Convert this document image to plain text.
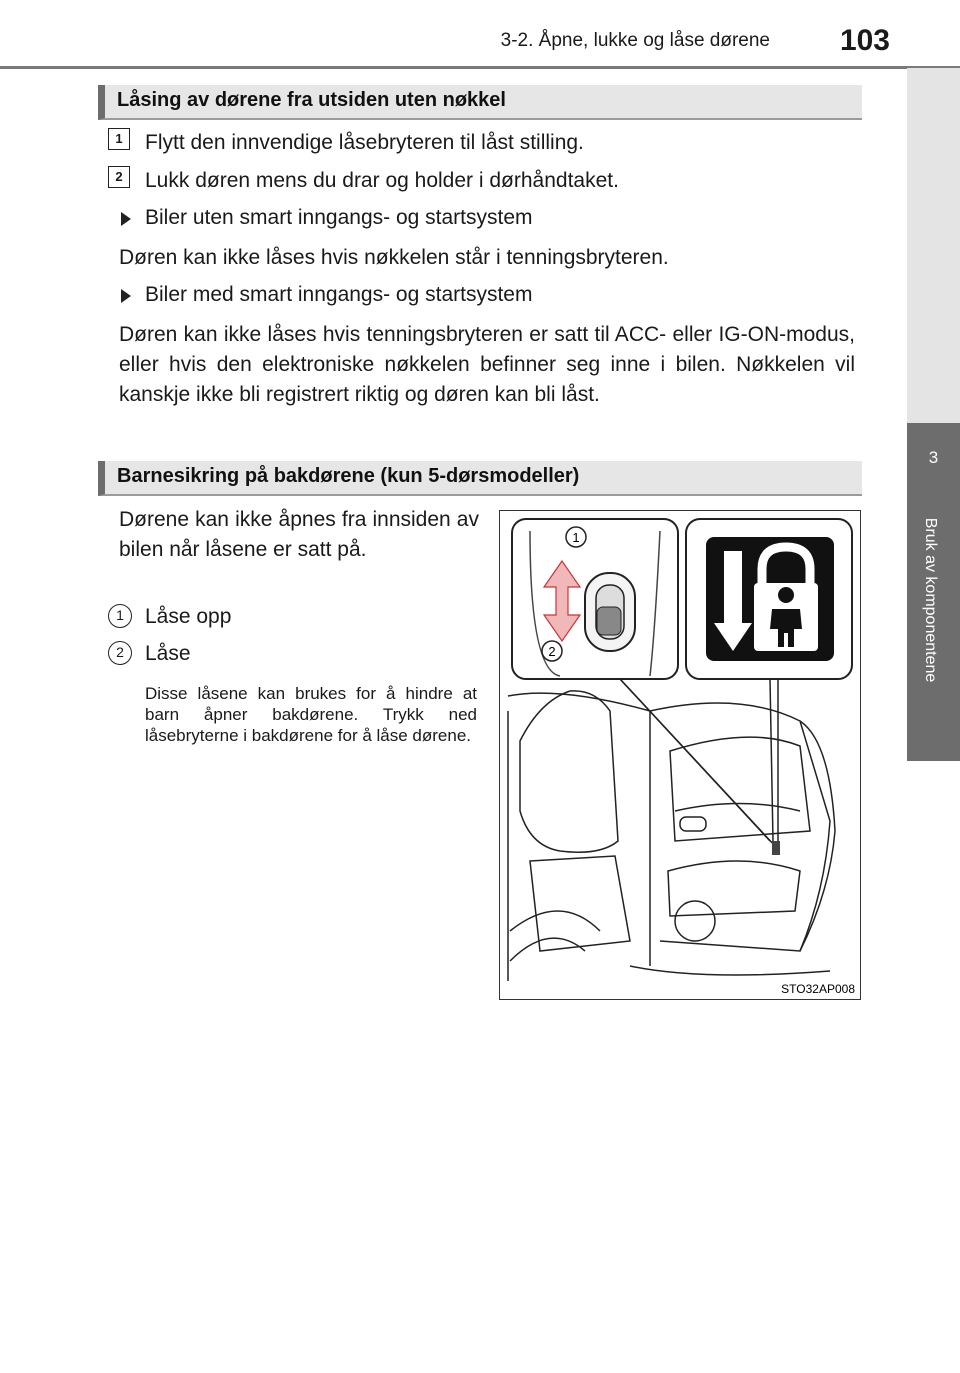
3-2. Åpne, lukke og låse dørene	103
3
Bruk av komponentene
Låsing av dørene fra utsiden uten nøkkel
1	Flytt den innvendige låsebryteren til låst stilling.
2	Lukk døren mens du drar og holder i dørhåndtaket.
Biler uten smart inngangs- og startsystem
Døren kan ikke låses hvis nøkkelen står i tenningsbryteren.
Biler med smart inngangs- og startsystem
Døren kan ikke låses hvis tenningsbryteren er satt til ACC- eller IG-ON-modus, eller hvis den elektroniske nøkkelen befinner seg inne i bilen. Nøkkelen vil kanskje ikke bli registrert riktig og døren kan bli låst.
Barnesikring på bakdørene (kun 5-dørsmodeller)
Dørene kan ikke åpnes fra innsiden av bilen når låsene er satt på.
1	Låse opp
2	Låse
Disse låsene kan brukes for å hindre at barn åpner bakdørene. Trykk ned låsebryterne i bakdørene for å låse dørene.
1
2
STO32AP008
